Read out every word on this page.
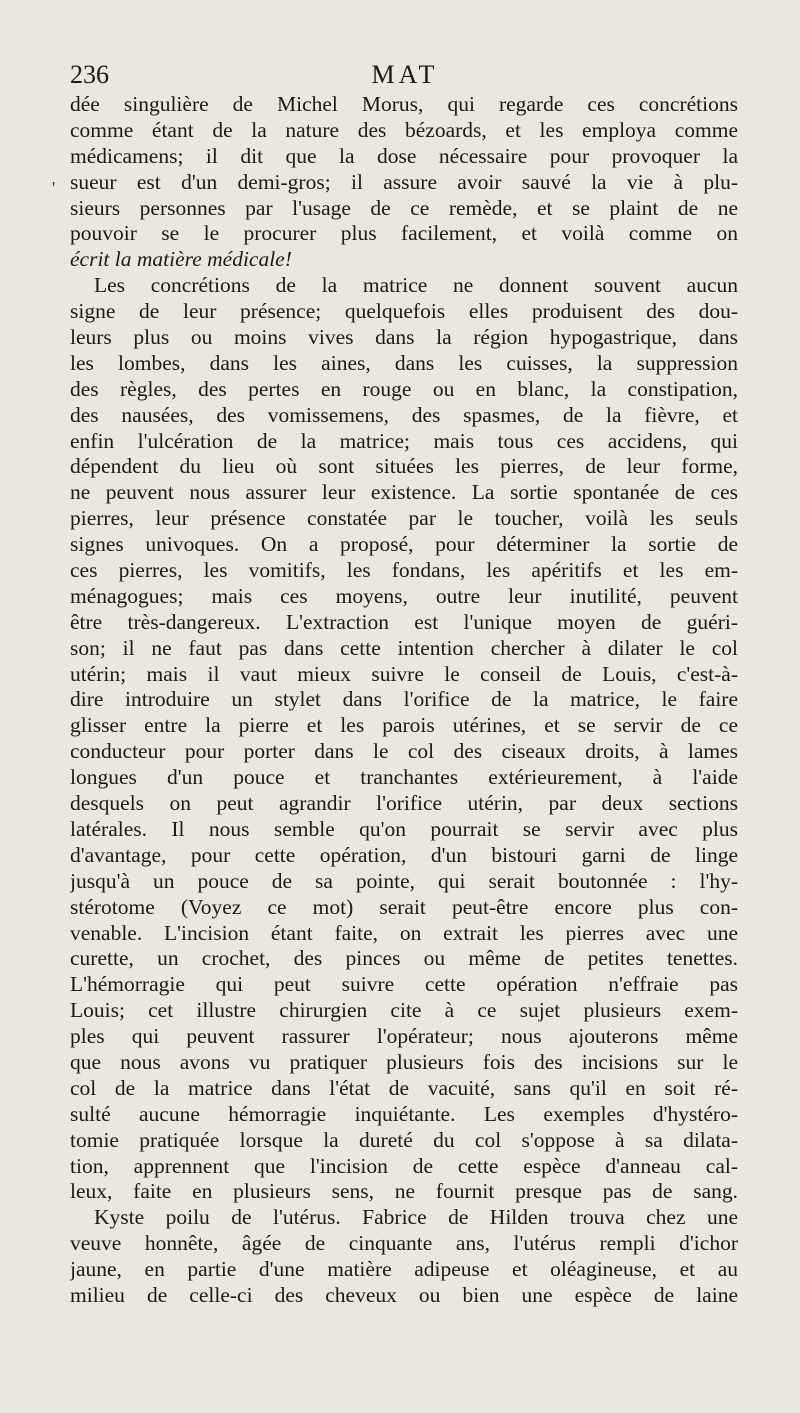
236	MAT
'
dée singulière de Michel Morus, qui regarde ces concrétions
comme étant de la nature des bézoards, et les employa comme
médicamens; il dit que la dose nécessaire pour provoquer la
sueur est d'un demi-gros; il assure avoir sauvé la vie à plu-
sieurs personnes par l'usage de ce remède, et se plaint de ne
pouvoir se le procurer plus facilement, et voilà comme on
écrit la matière médicale!
Les concrétions de la matrice ne donnent souvent aucun
signe de leur présence; quelquefois elles produisent des dou-
leurs plus ou moins vives dans la région hypogastrique, dans
les lombes, dans les aines, dans les cuisses, la suppression
des règles, des pertes en rouge ou en blanc, la constipation,
des nausées, des vomissemens, des spasmes, de la fièvre, et
enfin l'ulcération de la matrice; mais tous ces accidens, qui
dépendent du lieu où sont situées les pierres, de leur forme,
ne peuvent nous assurer leur existence. La sortie spontanée de ces
pierres, leur présence constatée par le toucher, voilà les seuls
signes univoques. On a proposé, pour déterminer la sortie de
ces pierres, les vomitifs, les fondans, les apéritifs et les em-
ménagogues; mais ces moyens, outre leur inutilité, peuvent
être très-dangereux. L'extraction est l'unique moyen de guéri-
son; il ne faut pas dans cette intention chercher à dilater le col
utérin; mais il vaut mieux suivre le conseil de Louis, c'est-à-
dire introduire un stylet dans l'orifice de la matrice, le faire
glisser entre la pierre et les parois utérines, et se servir de ce
conducteur pour porter dans le col des ciseaux droits, à lames
longues d'un pouce et tranchantes extérieurement, à l'aide
desquels on peut agrandir l'orifice utérin, par deux sections
latérales. Il nous semble qu'on pourrait se servir avec plus
d'avantage, pour cette opération, d'un bistouri garni de linge
jusqu'à un pouce de sa pointe, qui serait boutonnée : l'hy-
stérotome (Voyez ce mot) serait peut-être encore plus con-
venable. L'incision étant faite, on extrait les pierres avec une
curette, un crochet, des pinces ou même de petites tenettes.
L'hémorragie qui peut suivre cette opération n'effraie pas
Louis; cet illustre chirurgien cite à ce sujet plusieurs exem-
ples qui peuvent rassurer l'opérateur; nous ajouterons même
que nous avons vu pratiquer plusieurs fois des incisions sur le
col de la matrice dans l'état de vacuité, sans qu'il en soit ré-
sulté aucune hémorragie inquiétante. Les exemples d'hystéro-
tomie pratiquée lorsque la dureté du col s'oppose à sa dilata-
tion, apprennent que l'incision de cette espèce d'anneau cal-
leux, faite en plusieurs sens, ne fournit presque pas de sang.
Kyste poilu de l'utérus. Fabrice de Hilden trouva chez une
veuve honnête, âgée de cinquante ans, l'utérus rempli d'ichor
jaune, en partie d'une matière adipeuse et oléagineuse, et au
milieu de celle-ci des cheveux ou bien une espèce de laine
